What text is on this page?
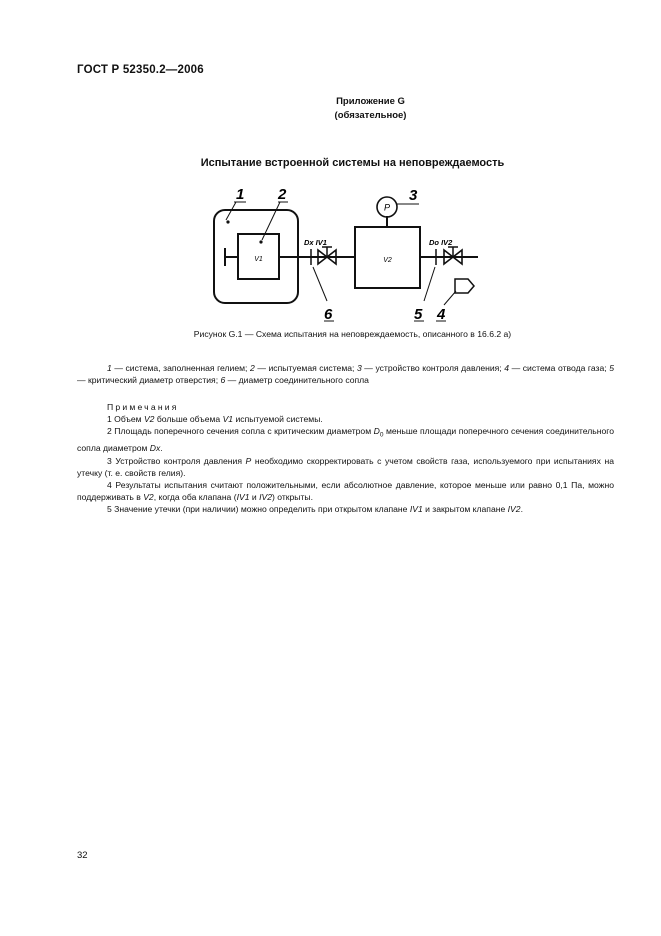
ГОСТ Р 52350.2—2006
Приложение G
(обязательное)
Испытание встроенной системы на неповреждаемость
V1
Dx IV1
V2
P
Do IV2
1 2	3
4
5
6
Рисунок G.1 — Схема испытания на неповреждаемость, описанного в 16.6.2 а)
1 — система, заполненная гелием; 2 — испытуемая система; 3 — устройство контроля давления; 4 — система отвода газа; 5 — критический диаметр отверстия; 6 — диаметр соединительного сопла
Примечания

1 Объем V2 больше объема V1 испытуемой системы.

2 Площадь поперечного сечения сопла с критическим диаметром $D_0$ меньше площади поперечного сечения соединительного сопла диаметром Dx.

3 Устройство контроля давления P необходимо скорректировать с учетом свойств газа, используемого при испытаниях на утечку (т. е. свойств гелия).

4 Результаты испытания считают положительными, если абсолютное давление, которое меньше или равно 0,1 Па, можно поддерживать в V2, когда оба клапана (IV1 и IV2) открыты.

5 Значение утечки (при наличии) можно определить при открытом клапане IV1 и закрытом клапане IV2.

32
